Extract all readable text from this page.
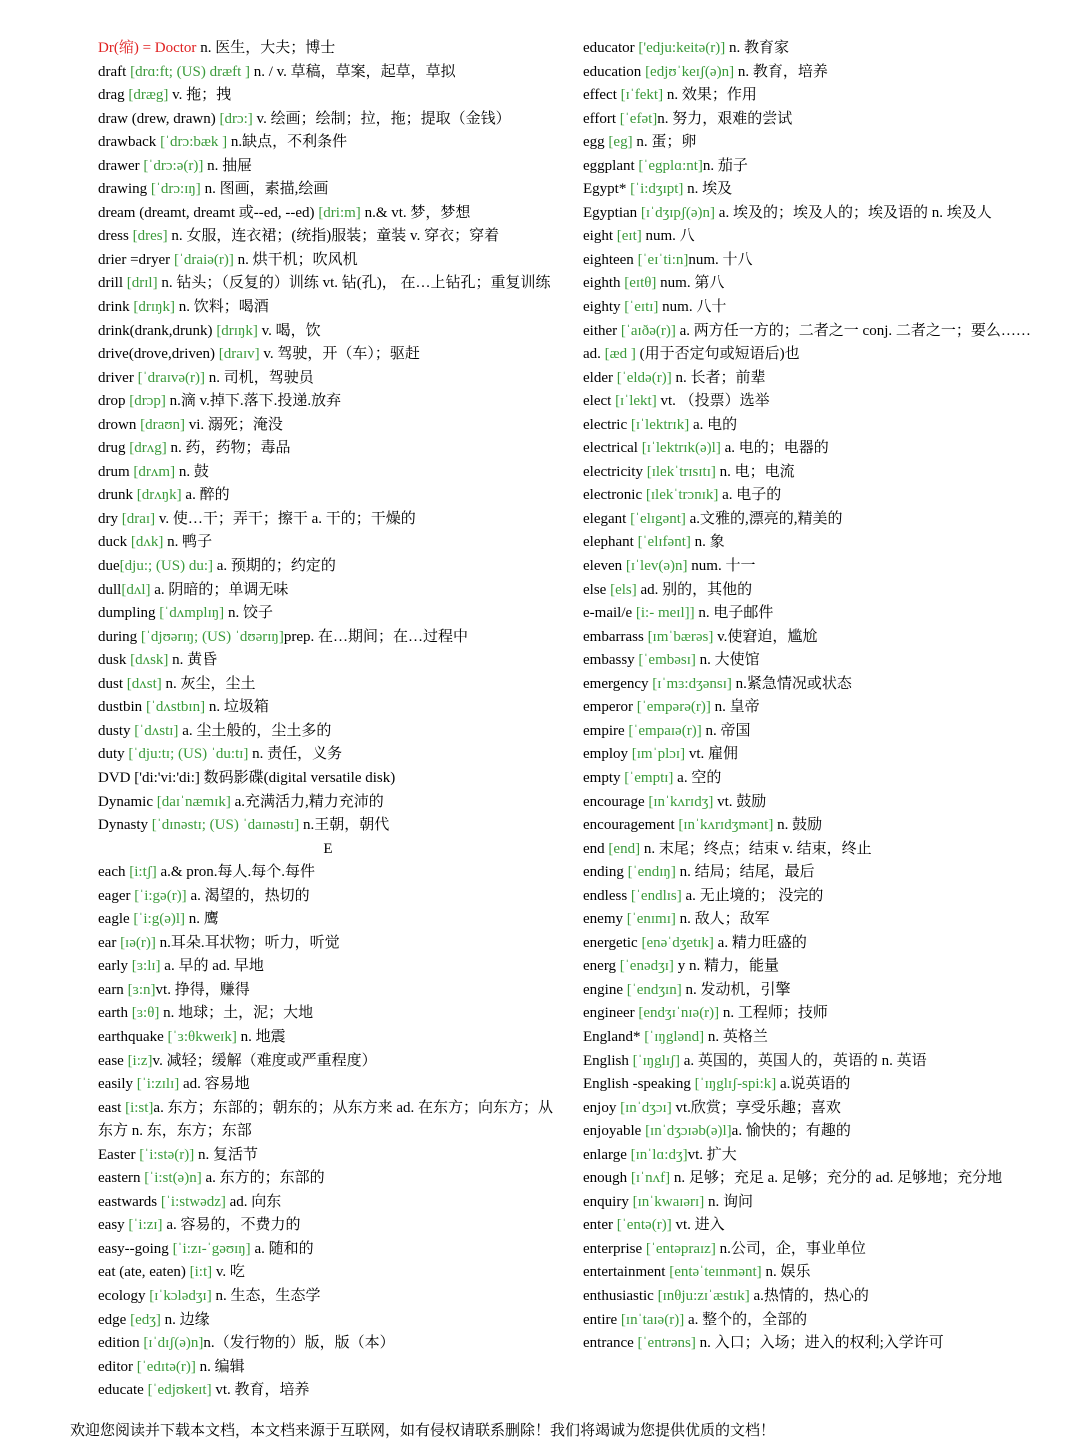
Dr(缩) = Doctor n. 医生，大夫；博士
draft [drɑ:ft; (US) dræft ] n. / v. 草稿，草案，起草，草拟
drag [dræg] v. 拖；拽
draw (drew, drawn) [drɔ:] v. 绘画；绘制；拉，拖；提取（金钱）
drawback [ˈdrɔ:bæk ] n.缺点，不利条件
drawer [ˈdrɔ:ə(r)] n. 抽屉
drawing [ˈdrɔ:ɪŋ] n. 图画，素描,绘画
dream (dreamt, dreamt 或--ed, --ed) [dri:m] n.& vt. 梦，梦想
dress [dres] n. 女服，连衣裙；(统指)服装；童装 v. 穿衣；穿着
drier =dryer [ˈdraiə(r)] n. 烘干机；吹风机
drill [drɪl] n. 钻头；（反复的）训练 vt. 钻(孔)， 在…上钻孔；重复训练
drink [drɪŋk] n. 饮料；喝酒
drink(drank,drunk) [drɪŋk] v. 喝，饮
drive(drove,driven) [draɪv] v. 驾驶，开（车）；驱赶
driver [ˈdraɪvə(r)] n. 司机，驾驶员
drop [drɔp] n.滴 v.掉下.落下.投递.放弃
drown [draʊn] vi. 溺死；淹没
drug [drʌg] n. 药，药物；毒品
drum [drʌm] n. 鼓
drunk [drʌŋk] a. 醉的
dry [draɪ] v. 使…干；弄干；擦干 a. 干的；干燥的
duck [dʌk] n. 鸭子
due[dju:; (US) du:] a. 预期的；约定的
dull[dʌl] a. 阴暗的；单调无味
dumpling [ˈdʌmplɪŋ] n. 饺子
during [ˈdjʊərɪŋ; (US) ˈdʊərɪŋ]prep. 在…期间；在…过程中
dusk [dʌsk] n. 黄昏
dust [dʌst] n. 灰尘，尘土
dustbin [ˈdʌstbɪn] n. 垃圾箱
dusty [ˈdʌstɪ] a. 尘土般的，尘土多的
duty [ˈdju:tɪ; (US) ˈdu:tɪ] n. 责任，义务
DVD ['di:'vi:'di:] 数码影碟(digital versatile disk)
Dynamic [daɪˈnæmɪk] a.充满活力,精力充沛的
Dynasty [ˈdɪnəstɪ; (US) ˈdaɪnəstɪ] n.王朝，朝代
E
each [i:tʃ] a.& pron.每人.每个.每件
eager [ˈi:gə(r)] a. 渴望的，热切的
eagle [ˈi:g(ə)l] n. 鹰
ear [ɪə(r)] n.耳朵.耳状物；听力，听觉
early [ɜ:lɪ] a. 早的 ad. 早地
earn [ɜ:n]vt. 挣得，赚得
earth [ɜ:θ] n. 地球；土，泥；大地
earthquake [ˈɜ:θkweɪk] n. 地震
ease [i:z]v. 减轻；缓解（难度或严重程度）
easily [ˈi:zɪlɪ] ad. 容易地
east [i:st]a. 东方；东部的；朝东的；从东方来 ad. 在东方；向东方；从东方 n. 东，东方；东部
Easter [ˈi:stə(r)] n. 复活节
eastern [ˈi:st(ə)n] a. 东方的；东部的
eastwards [ˈi:stwədz] ad. 向东
easy [ˈi:zɪ] a. 容易的，不费力的
easy--going [ˈi:zɪ-ˈgəʊɪŋ] a. 随和的
eat (ate, eaten) [i:t] v. 吃
ecology [ɪˈkɔlədʒɪ] n. 生态，生态学
edge [edʒ] n. 边缘
edition [ɪˈdɪʃ(ə)n]n.（发行物的）版，版（本）
editor [ˈedɪtə(r)] n. 编辑
educate [ˈedjʊkeɪt] vt. 教育，培养
educator ['edju:keitə(r)] n. 教育家
education [edjʊˈkeɪʃ(ə)n] n. 教育，培养
effect [ɪˈfekt] n. 效果；作用
effort [ˈefət]n. 努力，艰难的尝试
egg [eg] n. 蛋；卵
eggplant [ˈegplɑ:nt]n. 茄子
Egypt* [ˈi:dʒɪpt] n. 埃及
Egyptian [ɪˈdʒɪpʃ(ə)n] a. 埃及的；埃及人的；埃及语的 n. 埃及人
eight [eɪt] num. 八
eighteen [ˈeɪˈti:n]num. 十八
eighth [eɪtθ] num. 第八
eighty [ˈeɪtɪ] num. 八十
either [ˈaɪðə(r)] a. 两方任一方的；二者之一 conj. 二者之一；要么……
ad. [æd ] (用于否定句或短语后)也
elder [ˈeldə(r)] n. 长者；前辈
elect [ɪˈlekt] vt. （投票）选举
electric [ɪˈlektrɪk] a. 电的
electrical [ɪˈlektrɪk(ə)l] a. 电的；电器的
electricity [ɪlekˈtrɪsɪtɪ] n. 电；电流
electronic [ɪlekˈtrɔnɪk] a. 电子的
elegant [ˈelɪgənt] a.文雅的,漂亮的,精美的
elephant [ˈelɪfənt] n. 象
eleven [ɪˈlev(ə)n] num. 十一
else [els] ad. 别的，其他的
e-mail/e [i:- meɪl]] n. 电子邮件
embarrass [ɪmˈbærəs] v.使窘迫，尴尬
embassy [ˈembəsɪ] n. 大使馆
emergency [ɪˈmɜ:dʒənsɪ] n.紧急情况或状态
emperor [ˈempərə(r)] n. 皇帝
empire [ˈempaɪə(r)] n. 帝国
employ [ɪmˈplɔɪ] vt. 雇佣
empty [ˈemptɪ] a. 空的
encourage [ɪnˈkʌrɪdʒ] vt. 鼓励
encouragement [ɪnˈkʌrɪdʒmənt] n. 鼓励
end [end] n. 末尾；终点；结束 v. 结束，终止
ending [ˈendɪŋ] n. 结局；结尾，最后
endless [ˈendlɪs] a. 无止境的； 没完的
enemy [ˈenɪmɪ] n. 敌人；敌军
energetic [enəˈdʒetɪk] a. 精力旺盛的
energ [ˈenədʒɪ] y n. 精力，能量
engine [ˈendʒɪn] n. 发动机，引擎
engineer [endʒɪˈnɪə(r)] n. 工程师；技师
England* [ˈɪŋglənd] n. 英格兰
English [ˈɪŋglɪʃ] a. 英国的，英国人的，英语的 n. 英语
English -speaking [ˈɪŋglɪʃ-spi:k] a.说英语的
enjoy [ɪnˈdʒɔɪ] vt.欣赏；享受乐趣；喜欢
enjoyable [ɪnˈdʒɔɪəb(ə)l]a. 愉快的；有趣的
enlarge [ɪnˈlɑ:dʒ]vt. 扩大
enough [ɪˈnʌf] n. 足够；充足 a. 足够；充分的 ad. 足够地；充分地
enquiry [ɪnˈkwaɪərɪ] n. 询问
enter [ˈentə(r)] vt. 进入
enterprise [ˈentəpraɪz] n.公司，企，事业单位
entertainment [entəˈteɪnmənt] n. 娱乐
enthusiastic [ɪnθju:zɪˈæstɪk] a.热情的，热心的
entire [ɪnˈtaɪə(r)] a. 整个的，全部的
entrance [ˈentrəns] n. 入口；入场；进入的权利;入学许可
欢迎您阅读并下载本文档，本文档来源于互联网，如有侵权请联系删除！我们将竭诚为您提供优质的文档！
